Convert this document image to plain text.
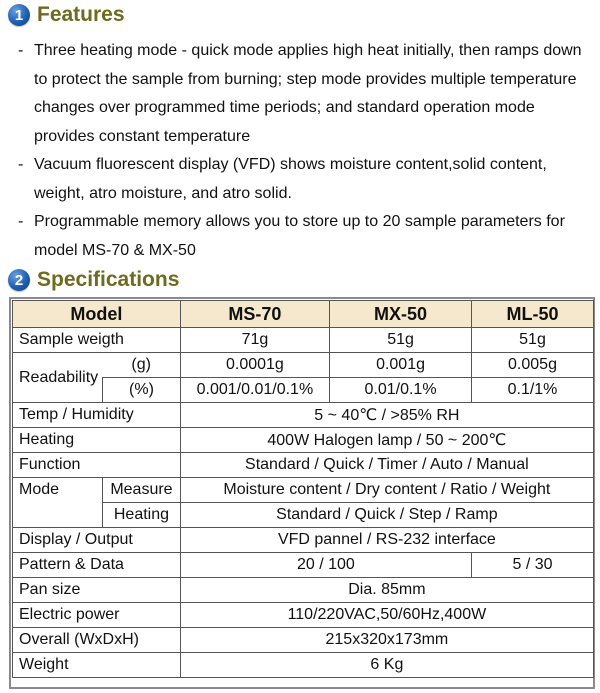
1 Features
- Three heating mode - quick mode applies high heat initially, then ramps down to protect the sample from burning; step mode provides multiple temperature changes over programmed time periods; and standard operation mode provides constant temperature
- Vacuum fluorescent display (VFD) shows moisture content,solid content, weight, atro moisture, and atro solid.
- Programmable memory allows you to store up to 20 sample parameters for model MS-70 & MX-50
2 Specifications
Model		MS-70	MX-50	ML-50
Sample weigth		71g	51g	51g
Readability	(g)	0.0001g	0.001g	0.005g
	(%)	0.001/0.01/0.1%	0.01/0.1%	0.1/1%
Temp / Humidity		5 ~ 40℃ / >85% RH		
Heating		400W Halogen lamp / 50 ~ 200℃		
Function		Standard / Quick / Timer / Auto / Manual		
Mode	Measure	Moisture content / Dry content / Ratio / Weight		
	Heating	Standard / Quick / Step / Ramp		
Display / Output		VFD pannel / RS-232 interface		
Pattern & Data		20 / 100		5 / 30
Pan size		Dia. 85mm		
Electric power		110/220VAC,50/60Hz,400W		
Overall (WxDxH)		215x320x173mm		
Weight		6 Kg		
